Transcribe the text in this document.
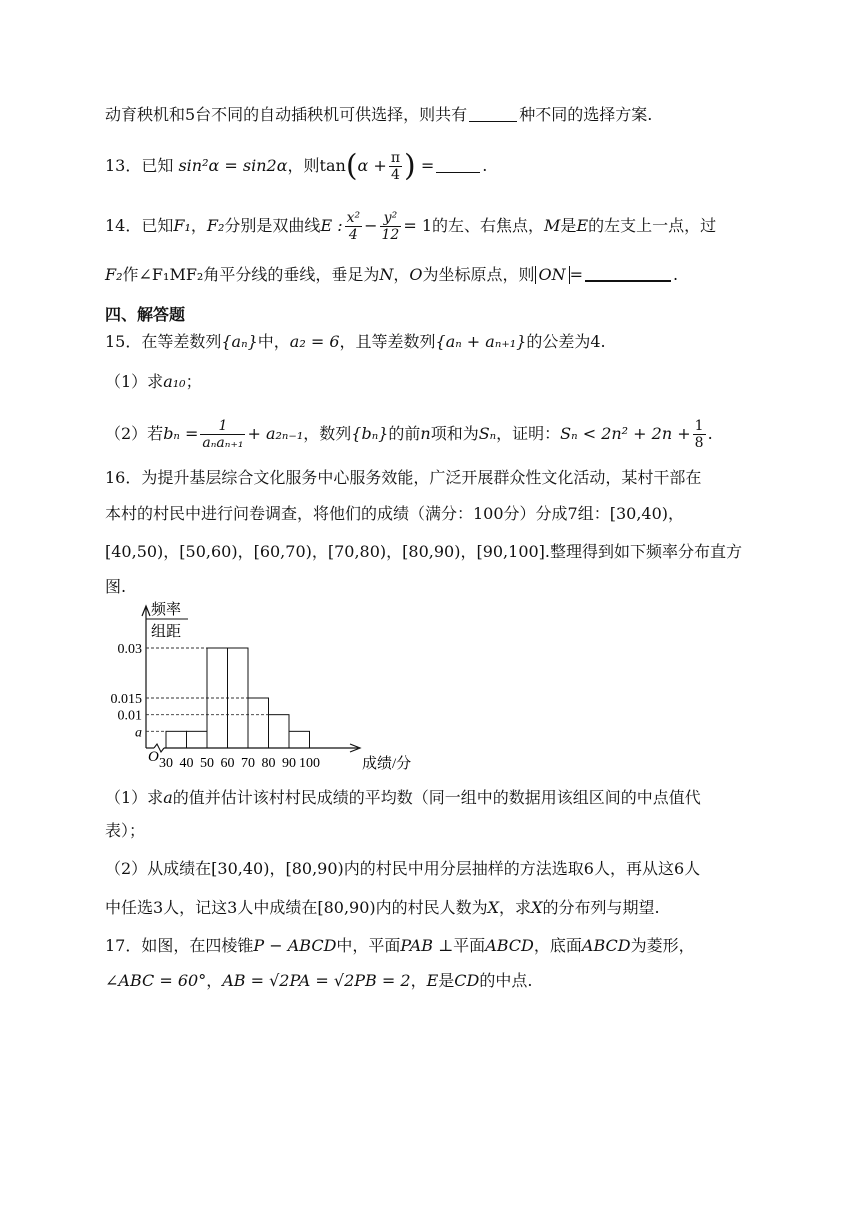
动育秧机和5台不同的自动插秧机可供选择，则共有	种不同的选择方案.
13．已知 sin²α = sin2α，则$\tan(\alpha + \frac{\pi}{4}$ ) =	.
14．已知F₁，F₂分别是双曲线E : $\frac{\text{x²}}{4} - \frac{\text{y²}}{12} = 1$的左、右焦点，M是E的左支上一点，过
F₂作∠F₁MF₂角平分线的垂线，垂足为N，O为坐标原点，则 ON =	.
四、解答题
15．在等差数列{aₙ}中，a₂ = 6，且等差数列{aₙ + aₙ₊₁}的公差为4.
（1）求a₁₀；
（2）若$b_n = \frac{1}{\text{aₙaₙ₊₁}} + a_{2n-1}$，数列{bₙ}的前n项和为Sₙ，证明：$S_n < 2n^2 + 2n + \frac{1}{8}$ .
16．为提升基层综合文化服务中心服务效能，广泛开展群众性文化活动，某村干部在
本村的村民中进行问卷调查，将他们的成绩（满分：100分）分成7组：[30,40)，
[40,50)，[50,60)，[60,70)，[70,80)，[80,90)，[90,100].整理得到如下频率分布直方
图.
频率
组距
a
0.01
0.015
0.03
30 40 50 60 70 80 90 100
O	成绩/分
（1）求a的值并估计该村村民成绩的平均数（同一组中的数据用该组区间的中点值代
表）；
（2）从成绩在[30,40)，[80,90)内的村民中用分层抽样的方法选取6人，再从这6人
中任选3人，记这3人中成绩在[80,90)内的村民人数为X，求X的分布列与期望.
17．如图，在四棱锥P − ABCD中，平面PAB ⊥平面ABCD，底面ABCD为菱形，
∠ABC = 60°，AB = √2PA = √2PB = 2，E是CD的中点.
